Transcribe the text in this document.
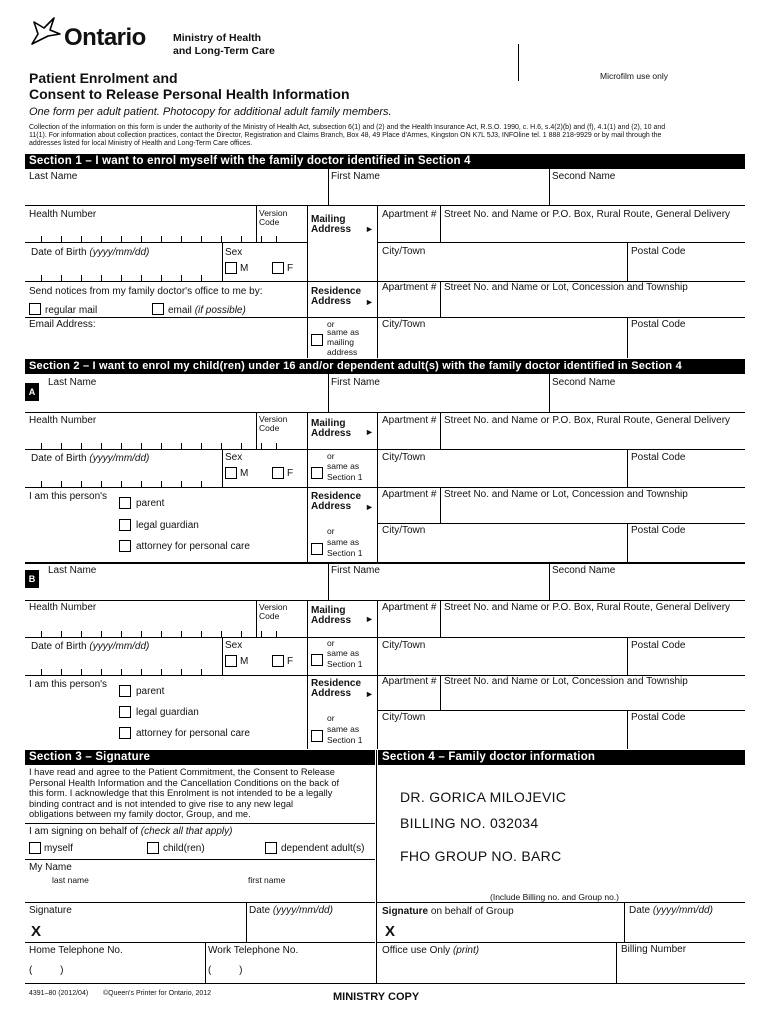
Ontario	Ministry of Health
and Long-Term Care
Microfilm use only
Patient Enrolment and
Consent to Release Personal Health Information
One form per adult patient. Photocopy for additional adult family members.
Collection of the information on this form is under the authority of the Ministry of Health Act, subsection 6(1) and (2) and the Health Insurance Act, R.S.O. 1990, c. H.6, s.4(2)(b) and (f), 4.1(1) and (2), 10 and
11(1). For information about collection practices, contact the Director, Registration and Claims Branch, Box 48, 49 Place d'Armes, Kingston ON K7L 5J3, INFOline tel. 1 888 218-9929 or by mail through the
addresses listed for local Ministry of Health and Long-Term Care offices.
Section 1 – I want to enrol myself with the family doctor identified in Section 4
Last Name	First Name	Second Name
Health Number	Version
Code
Date of Birth (yyyy/mm/dd)	Sex
M	F
Send notices from my family doctor's office to me by:
regular mail	email (if possible)
Email Address:
Mailing
Address ►
Apartment # Street No. and Name or P.O. Box, Rural Route, General Delivery
City/Town	Postal Code
Residence
Address ►
Apartment # Street No. and Name or Lot, Concession and Township
or
same as
mailing
address
City/Town	Postal Code
Section 2 – I want to enrol my child(ren) under 16 and/or dependent adult(s) with the family doctor identified in Section 4
A
Last Name	First Name	Second Name
Health Number	Version
Code
Date of Birth (yyyy/mm/dd)	Sex
M	F
I am this person's
parent
legal guardian
attorney for personal care
Mailing
Address ►
Apartment # Street No. and Name or P.O. Box, Rural Route, General Delivery
or
same as
Section 1
City/Town	Postal Code
Residence
Address ►
Apartment # Street No. and Name or Lot, Concession and Township
or
same as
Section 1
City/Town	Postal Code
B
Last Name	First Name	Second Name
Health Number	Version
Code
Date of Birth (yyyy/mm/dd)	Sex
M	F
I am this person's
parent
legal guardian
attorney for personal care
Mailing
Address ►
Apartment # Street No. and Name or P.O. Box, Rural Route, General Delivery
or
same as
Section 1
City/Town	Postal Code
Residence
Address ►
Apartment # Street No. and Name or Lot, Concession and Township
or
same as
Section 1
City/Town	Postal Code
Section 3 – Signature	Section 4 – Family doctor information
I have read and agree to the Patient Commitment, the Consent to Release
Personal Health Information and the Cancellation Conditions on the back of
this form. I acknowledge that this Enrolment is not intended to be a legally
binding contract and is not intended to give rise to any new legal
obligations between my family doctor, Group, and me.
I am signing on behalf of (check all that apply)
myself	child(ren)	dependent adult(s)
My Name
last name	first name
Signature
X
Date (yyyy/mm/dd)
Home Telephone No.
(          )
Work Telephone No.
(          )
DR. GORICA MILOJEVIC
BILLING NO. 032034
FHO GROUP NO. BARC
(Include Billing no. and Group no.)
Signature on behalf of Group
X
Date (yyyy/mm/dd)
Office use Only (print)	Billing Number
4391–80 (2012/04) ©Queen's Printer for Ontario, 2012	MINISTRY COPY
